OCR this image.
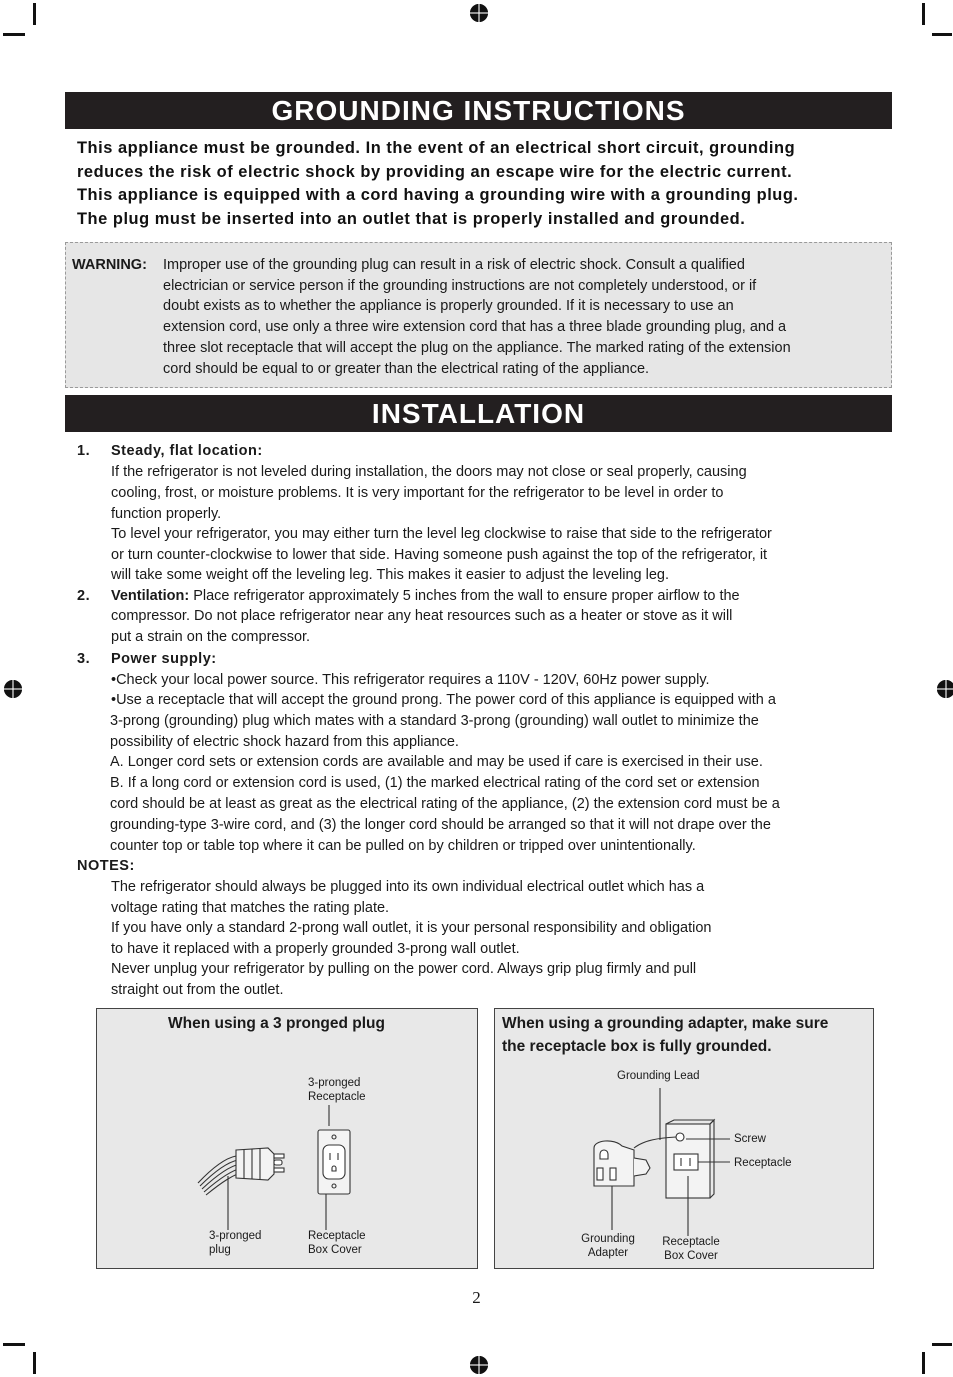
GROUNDING INSTRUCTIONS
This appliance must be grounded. In the event of an electrical short circuit, grounding
reduces the risk of electric shock by providing an escape wire for the electric current.
This appliance is equipped with a cord having a grounding wire with a grounding plug.
The plug must be inserted into an outlet that is properly installed and grounded.
WARNING: Improper use of the grounding plug can result in a risk of electric shock. Consult a qualified
electrician or service person if the grounding instructions are not completely understood, or if
doubt exists as to whether the appliance is properly grounded. If it is necessary to use an
extension cord, use only a three wire extension cord that has a three blade grounding plug, and a
three slot receptacle that will accept the plug on the appliance. The marked rating of the extension
cord should be equal to or greater than the electrical rating of the appliance.
INSTALLATION
1. Steady, flat location:
If the refrigerator is not leveled during installation, the doors may not close or seal properly, causing
cooling, frost, or moisture problems. It is very important for the refrigerator to be level in order to
function properly.
To level your refrigerator, you may either turn the level leg clockwise to raise that side to the refrigerator
or turn counter-clockwise to lower that side. Having someone push against the top of the refrigerator, it
will take some weight off the leveling leg. This makes it easier to adjust the leveling leg.
2. Ventilation: Place refrigerator approximately 5 inches from the wall to ensure proper airflow to the
compressor. Do not place refrigerator near any heat resources such as a heater or stove as it will
put a strain on the compressor.
3. Power supply:
•Check your local power source. This refrigerator requires a 110V - 120V, 60Hz power supply.
•Use a receptacle that will accept the ground prong. The power cord of this appliance is equipped with a
3-prong (grounding) plug which mates with a standard 3-prong (grounding) wall outlet to minimize the
possibility of electric shock hazard from this appliance.
A. Longer cord sets or extension cords are available and may be used if care is exercised in their use.
B. If a long cord or extension cord is used, (1) the marked electrical rating of the cord set or extension
cord should be at least as great as the electrical rating of the appliance, (2) the extension cord must be a
grounding-type 3-wire cord, and (3) the longer cord should be arranged so that it will not drape over the
counter top or table top where it can be pulled on by children or tripped over unintentionally.
NOTES:
The refrigerator should always be plugged into its own individual electrical outlet which has a
voltage rating that matches the rating plate.
If you have only a standard 2-prong wall outlet, it is your personal responsibility and obligation
to have it replaced with a properly grounded 3-prong wall outlet.
Never unplug your refrigerator by pulling on the power cord. Always grip plug firmly and pull
straight out from the outlet.
When using a 3 pronged plug
3-pronged
Receptacle
3-pronged
plug
Receptacle
Box Cover
When using a grounding adapter, make sure
the receptacle box is fully grounded.
Grounding Lead
Screw
Receptacle
Grounding
Adapter
Receptacle
Box Cover
2
